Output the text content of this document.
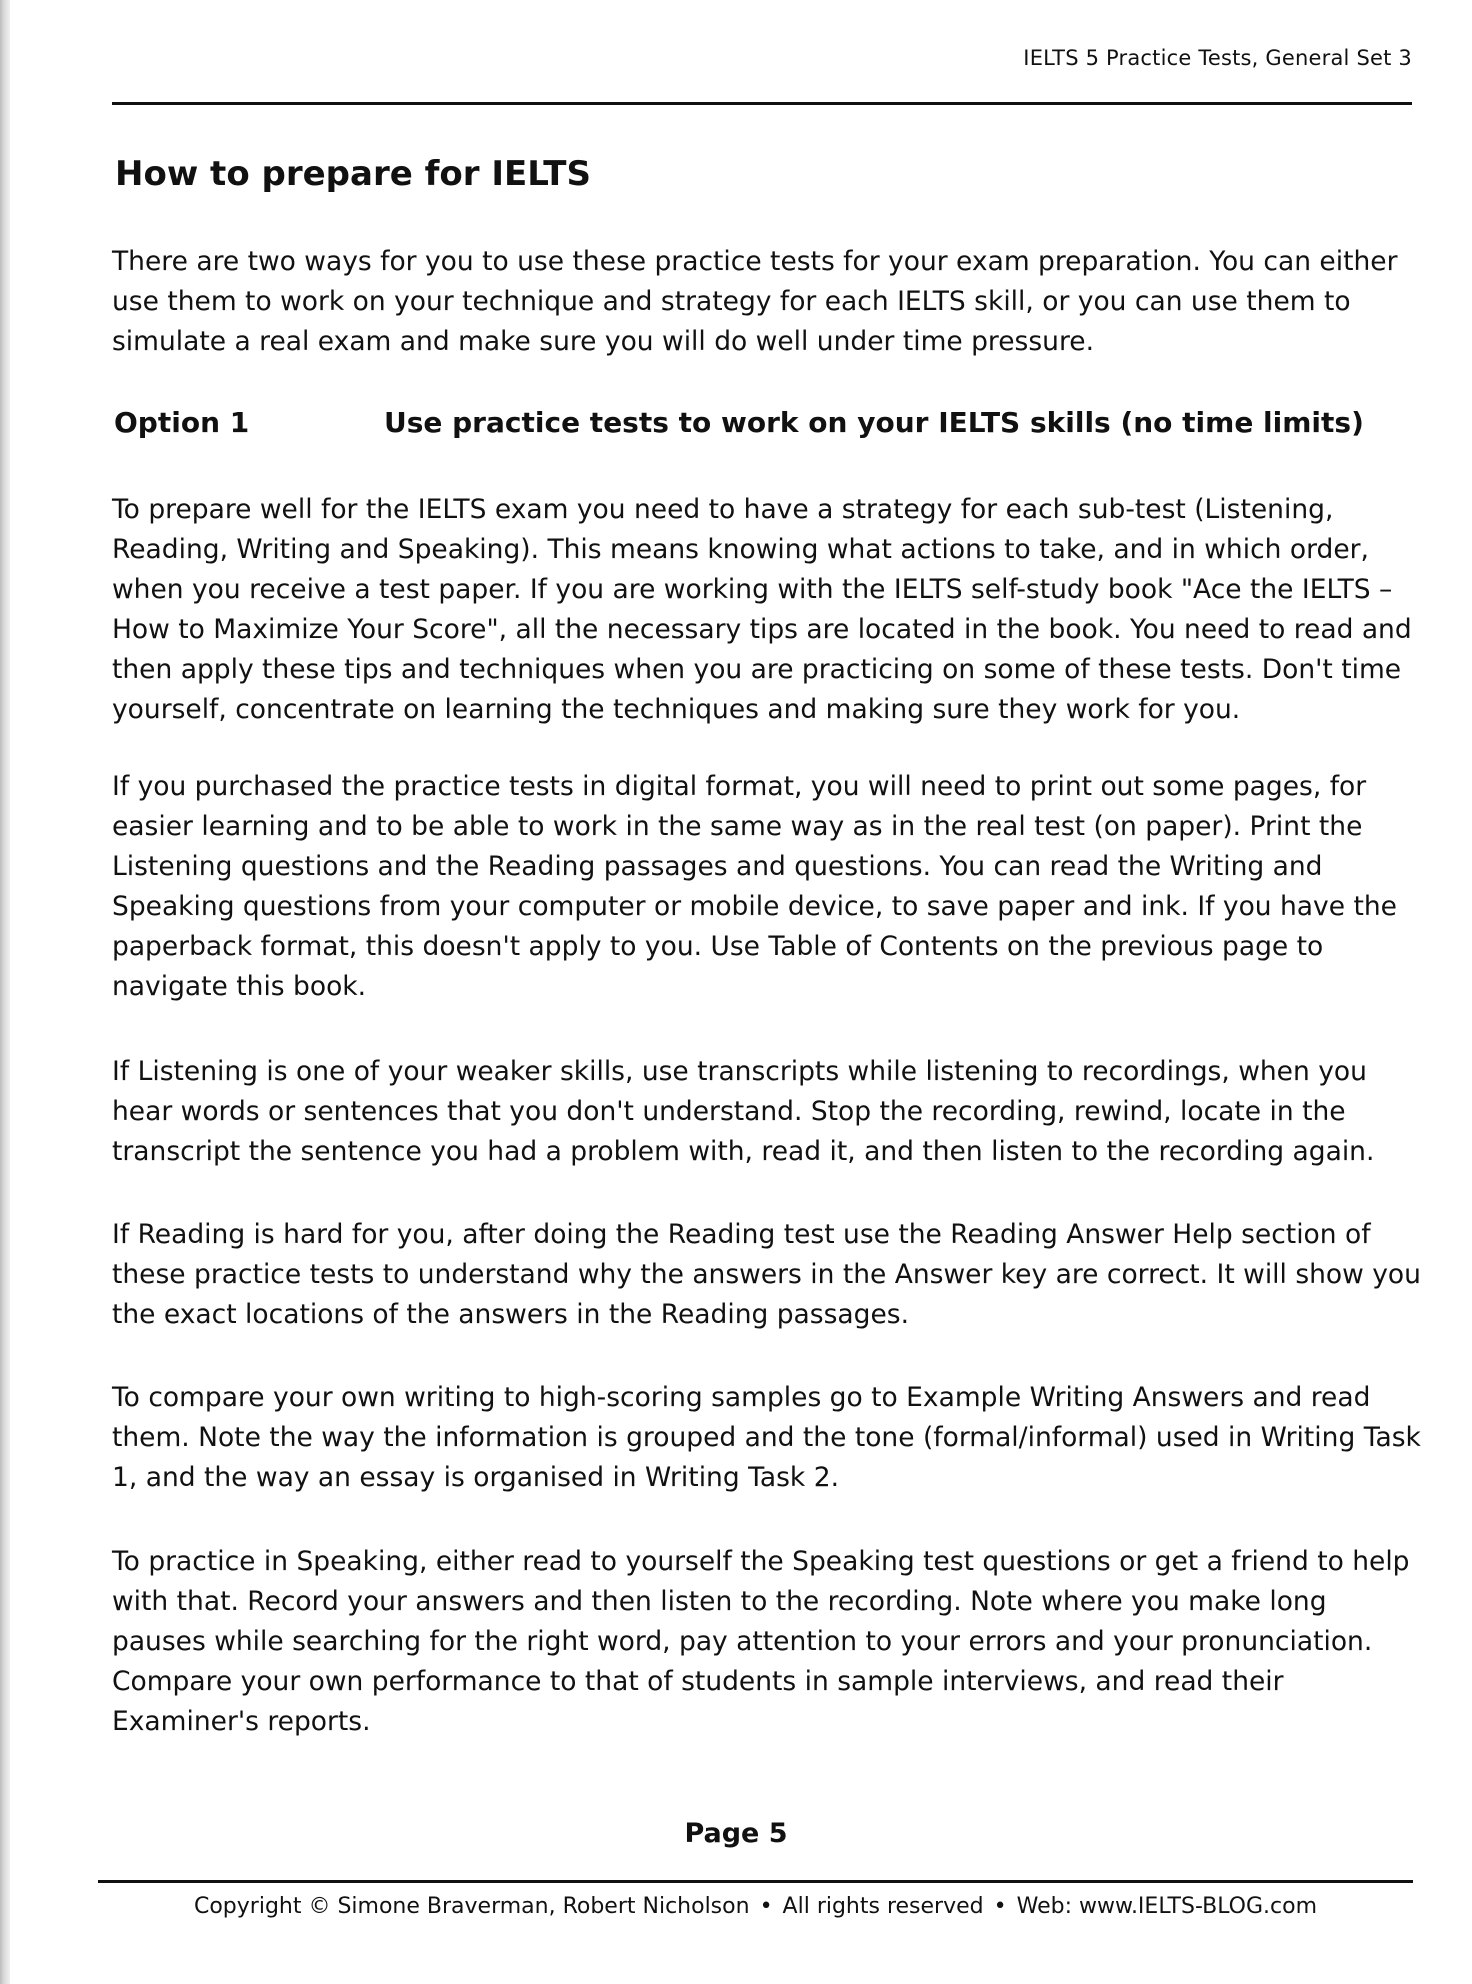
IELTS 5 Practice Tests, General Set 3
How to prepare for IELTS

There are two ways for you to use these practice tests for your exam preparation. You can either use them to work on your technique and strategy for each IELTS skill, or you can use them to simulate a real exam and make sure you will do well under time pressure.

Option 1	Use practice tests to work on your IELTS skills (no time limits)

To prepare well for the IELTS exam you need to have a strategy for each sub-test (Listening, Reading, Writing and Speaking). This means knowing what actions to take, and in which order, when you receive a test paper. If you are working with the IELTS self-study book "Ace the IELTS – How to Maximize Your Score", all the necessary tips are located in the book. You need to read and then apply these tips and techniques when you are practicing on some of these tests. Don't time yourself, concentrate on learning the techniques and making sure they work for you.

If you purchased the practice tests in digital format, you will need to print out some pages, for easier learning and to be able to work in the same way as in the real test (on paper). Print the Listening questions and the Reading passages and questions. You can read the Writing and Speaking questions from your computer or mobile device, to save paper and ink. If you have the paperback format, this doesn't apply to you. Use Table of Contents on the previous page to navigate this book.

If Listening is one of your weaker skills, use transcripts while listening to recordings, when you hear words or sentences that you don't understand. Stop the recording, rewind, locate in the transcript the sentence you had a problem with, read it, and then listen to the recording again.

If Reading is hard for you, after doing the Reading test use the Reading Answer Help section of these practice tests to understand why the answers in the Answer key are correct. It will show you the exact locations of the answers in the Reading passages.

To compare your own writing to high-scoring samples go to Example Writing Answers and read them. Note the way the information is grouped and the tone (formal/informal) used in Writing Task 1, and the way an essay is organised in Writing Task 2.

To practice in Speaking, either read to yourself the Speaking test questions or get a friend to help with that. Record your answers and then listen to the recording. Note where you make long pauses while searching for the right word, pay attention to your errors and your pronunciation. Compare your own performance to that of students in sample interviews, and read their Examiner's reports.

Page 5

Copyright © Simone Braverman, Robert Nicholson • All rights reserved • Web: www.IELTS-BLOG.com
